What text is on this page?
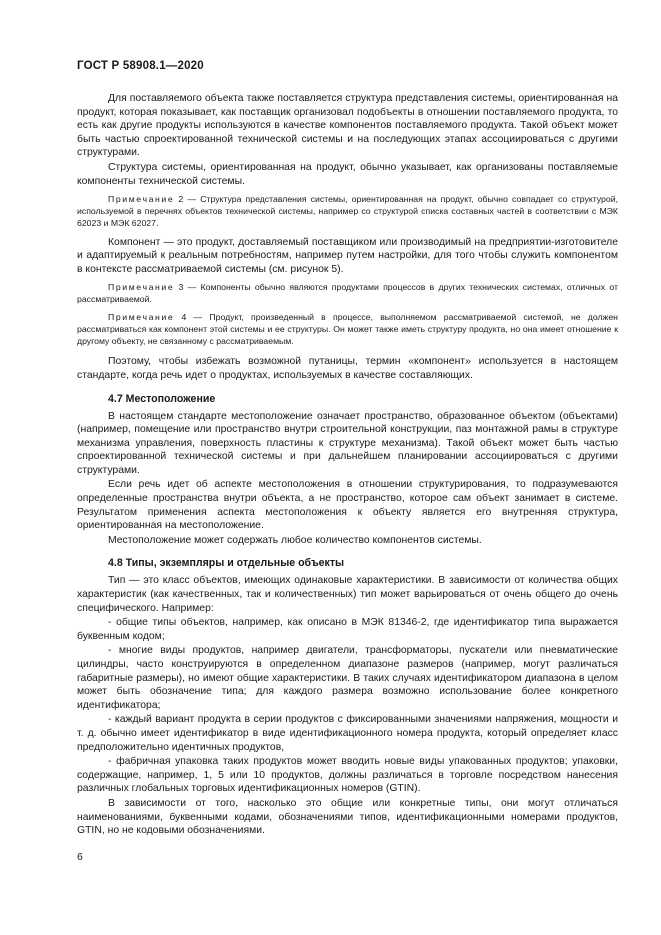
ГОСТ Р 58908.1—2020

Для поставляемого объекта также поставляется структура представления системы, ориентированная на продукт, которая показывает, как поставщик организовал подобъекты в отношении поставляемого продукта, то есть как другие продукты используются в качестве компонентов поставляемого продукта. Такой объект может быть частью спроектированной технической системы и на последующих этапах ассоциироваться с другими структурами.

Структура системы, ориентированная на продукт, обычно указывает, как организованы поставляемые компоненты технической системы.

Примечание 2 — Структура представления системы, ориентированная на продукт, обычно совпадает со структурой, используемой в перечнях объектов технической системы, например со структурой списка составных частей в соответствии с МЭК 62023 и МЭК 62027.

Компонент — это продукт, доставляемый поставщиком или производимый на предприятии-изготовителе и адаптируемый к реальным потребностям, например путем настройки, для того чтобы служить компонентом в контексте рассматриваемой системы (см. рисунок 5).

Примечание 3 — Компоненты обычно являются продуктами процессов в других технических системах, отличных от рассматриваемой.

Примечание 4 — Продукт, произведенный в процессе, выполняемом рассматриваемой системой, не должен рассматриваться как компонент этой системы и ее структуры. Он может также иметь структуру продукта, но она имеет отношение к другому объекту, не связанному с рассматриваемым.

Поэтому, чтобы избежать возможной путаницы, термин «компонент» используется в настоящем стандарте, когда речь идет о продуктах, используемых в качестве составляющих.

4.7 Местоположение

В настоящем стандарте местоположение означает пространство, образованное объектом (объектами) (например, помещение или пространство внутри строительной конструкции, паз монтажной рамы в структуре механизма управления, поверхность пластины к структуре механизма). Такой объект может быть частью спроектированной технической системы и при дальнейшем планировании ассоциироваться с другими структурами.

Если речь идет об аспекте местоположения в отношении структурирования, то подразумеваются определенные пространства внутри объекта, а не пространство, которое сам объект занимает в системе. Результатом применения аспекта местоположения к объекту является его внутренняя структура, ориентированная на местоположение.

Местоположение может содержать любое количество компонентов системы.

4.8 Типы, экземпляры и отдельные объекты

Тип — это класс объектов, имеющих одинаковые характеристики. В зависимости от количества общих характеристик (как качественных, так и количественных) тип может варьироваться от очень общего до очень специфического. Например:

- общие типы объектов, например, как описано в МЭК 81346-2, где идентификатор типа выражается буквенным кодом;

- многие виды продуктов, например двигатели, трансформаторы, пускатели или пневматические цилиндры, часто конструируются в определенном диапазоне размеров (например, могут различаться габаритные размеры), но имеют общие характеристики. В таких случаях идентификатором диапазона в целом может быть обозначение типа; для каждого размера возможно использование более конкретного идентификатора;

- каждый вариант продукта в серии продуктов с фиксированными значениями напряжения, мощности и т. д. обычно имеет идентификатор в виде идентификационного номера продукта, который определяет класс предположительно идентичных продуктов,

- фабричная упаковка таких продуктов может вводить новые виды упакованных продуктов; упаковки, содержащие, например, 1, 5 или 10 продуктов, должны различаться в торговле посредством нанесения различных глобальных торговых идентификационных номеров (GTIN).

В зависимости от того, насколько это общие или конкретные типы, они могут отличаться наименованиями, буквенными кодами, обозначениями типов, идентификационными номерами продуктов, GTIN, но не кодовыми обозначениями.

6
